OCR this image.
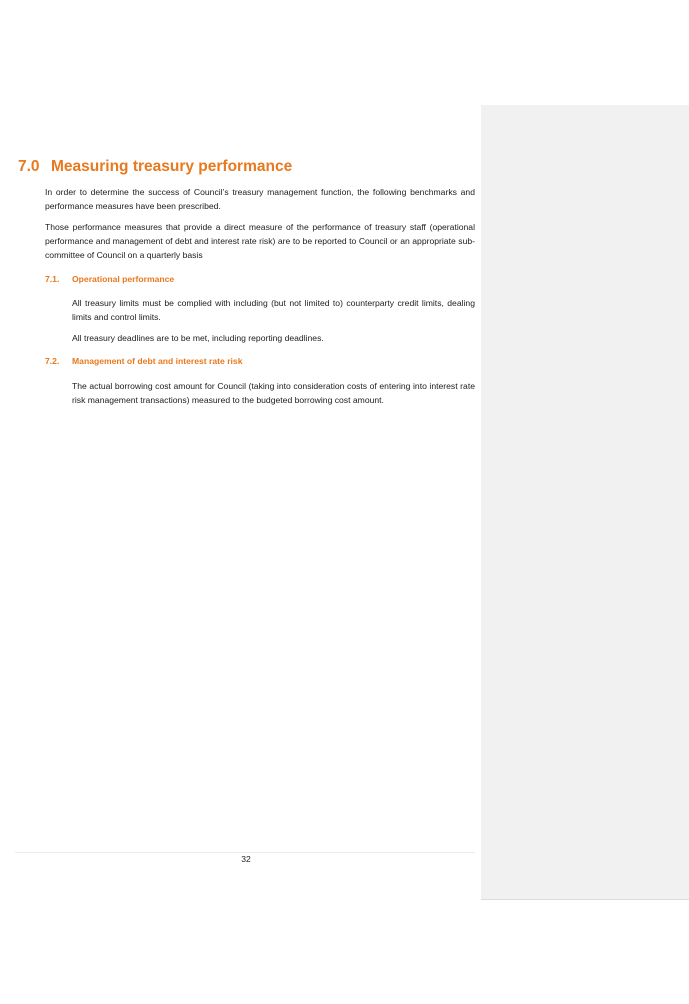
7.0 Measuring treasury performance

In order to determine the success of Council’s treasury management function, the following benchmarks and performance measures have been prescribed.

Those performance measures that provide a direct measure of the performance of treasury staff (operational performance and management of debt and interest rate risk) are to be reported to Council or an appropriate sub-committee of Council on a quarterly basis

7.1. Operational performance

All treasury limits must be complied with including (but not limited to) counterparty credit limits, dealing limits and control limits.

All treasury deadlines are to be met, including reporting deadlines.

7.2. Management of debt and interest rate risk

The actual borrowing cost amount for Council (taking into consideration costs of entering into interest rate risk management transactions) measured to the budgeted borrowing cost amount.

32
